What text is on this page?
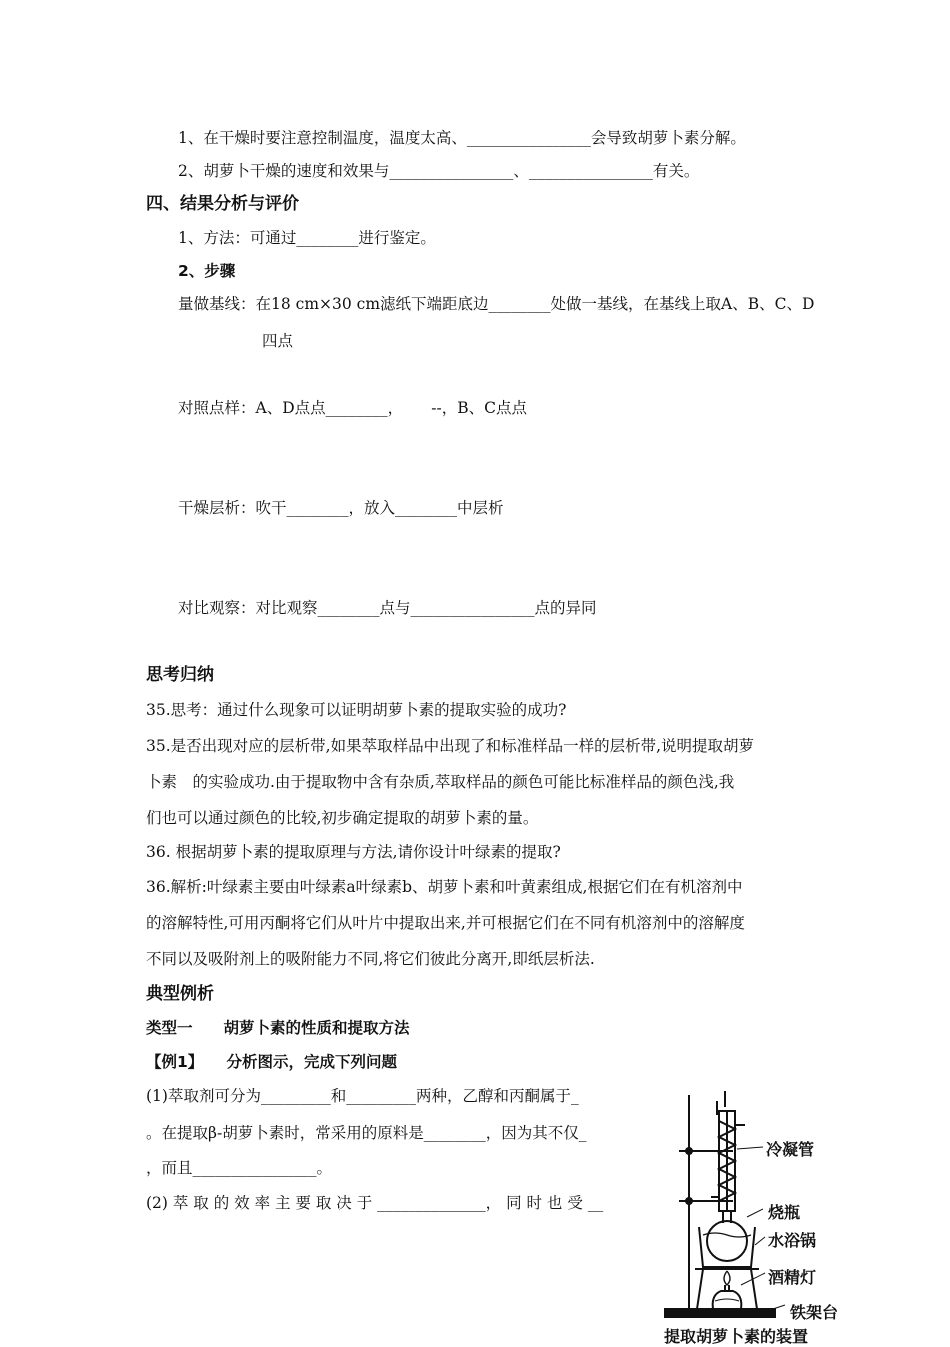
1、在干燥时要注意控制温度，温度太高、________________会导致胡萝卜素分解。
2、胡萝卜干燥的速度和效果与________________、________________有关。
四、结果分析与评价
1、方法：可通过________进行鉴定。
2、步骤
量做基线：在18 cm×30 cm滤纸下端距底边________处做一基线，在基线上取A、B、C、D
四点
对照点样：A、D点点________，　　 --，B、C点点
干燥层析：吹干________，放入________中层析
对比观察：对比观察________点与________________点的异同
思考归纳
35.思考：通过什么现象可以证明胡萝卜素的提取实验的成功?
35.是否出现对应的层析带,如果萃取样品中出现了和标准样品一样的层析带,说明提取胡萝
卜素　的实验成功.由于提取物中含有杂质,萃取样品的颜色可能比标准样品的颜色浅,我
们也可以通过颜色的比较,初步确定提取的胡萝卜素的量。
36. 根据胡萝卜素的提取原理与方法,请你设计叶绿素的提取?
36.解析:叶绿素主要由叶绿素a叶绿素b、胡萝卜素和叶黄素组成,根据它们在有机溶剂中
的溶解特性,可用丙酮将它们从叶片中提取出来,并可根据它们在不同有机溶剂中的溶解度
不同以及吸附剂上的吸附能力不同,将它们彼此分离开,即纸层析法.
典型例析
类型一　　胡萝卜素的性质和提取方法
【例1】　　分析图示，完成下列问题
(1)萃取剂可分为_________和_________两种，乙醇和丙酮属于_
。在提取β-胡萝卜素时，常采用的原料是________，因为其不仅_
，而且________________。
(2) 萃 取 的 效 率 主 要 取 决 于 ______________， 同 时 也 受 __
冷凝管
烧瓶
水浴锅
酒精灯
铁架台
提取胡萝卜素的装置
